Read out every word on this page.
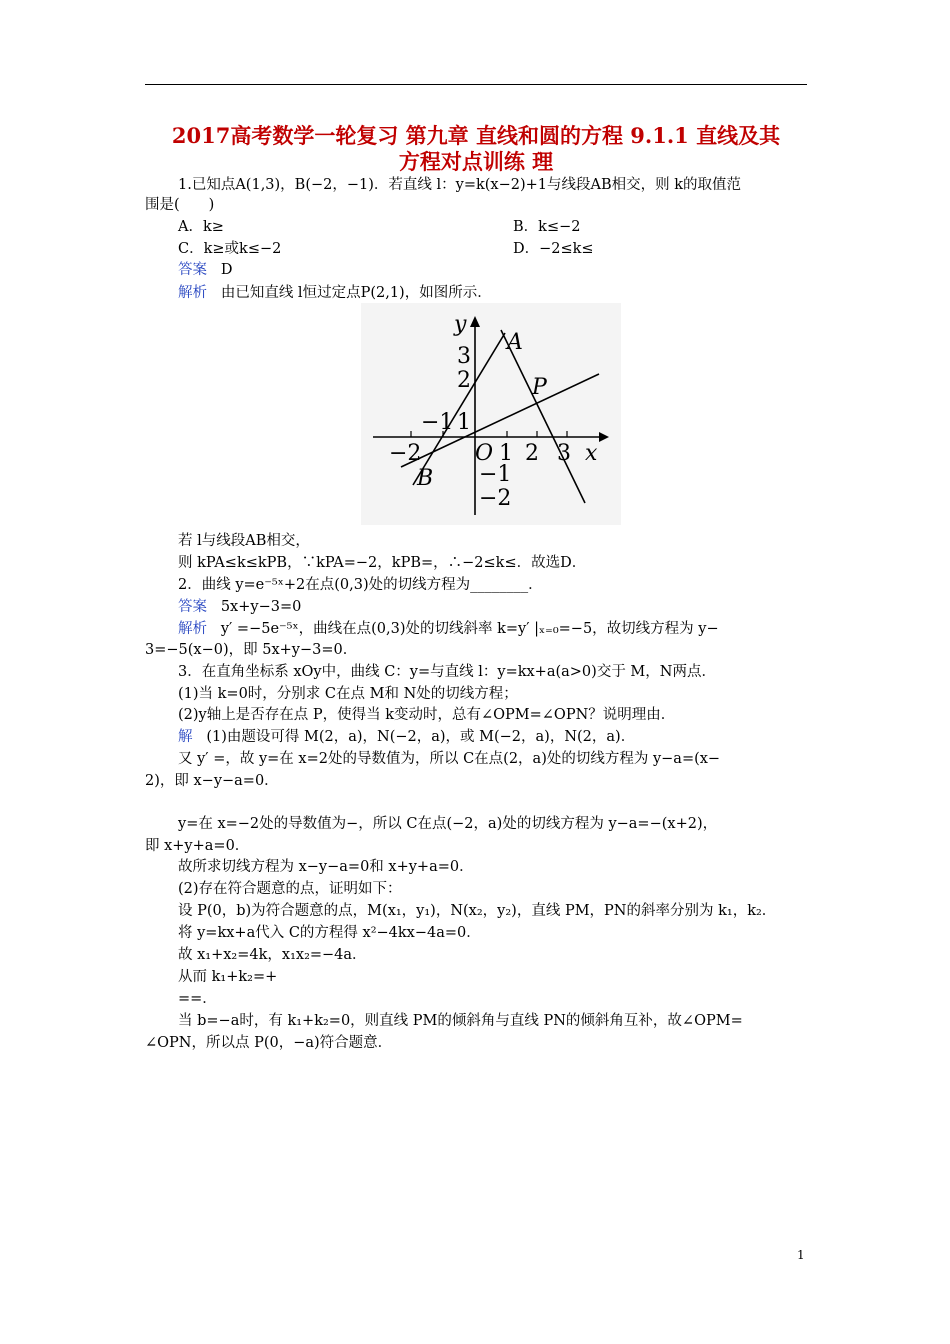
2017高考数学一轮复习 第九章 直线和圆的方程 9.1.1 直线及其
方程对点训练 理
1.已知点A(1,3)，B(−2，−1)．若直线 l：y=k(x−2)+1与线段AB相交，则 k的取值范
围是(　　)
A．k≥	B．k≤−2
C．k≥或k≤−2	D．−2≤k≤
答案 D
解析 由已知直线 l恒过定点P(2,1)，如图所示．
y
x
A
P
B
O
3
2
1
−1
−2
−1
−2	1 2 3
若 l与线段AB相交，
则 kPA≤k≤kPB，∵kPA=−2，kPB=，∴−2≤k≤．故选D．
2．曲线 y=e⁻⁵ˣ+2在点(0,3)处的切线方程为________．
答案 5x+y−3=0
解析 y′ =−5e⁻⁵ˣ，曲线在点(0,3)处的切线斜率 k=y′ |ₓ₌₀=−5，故切线方程为 y−
3=−5(x−0)，即 5x+y−3=0．
3．在直角坐标系 xOy中，曲线 C：y=与直线 l：y=kx+a(a>0)交于 M，N两点．
(1)当 k=0时，分别求 C在点 M和 N处的切线方程；
(2)y轴上是否存在点 P，使得当 k变动时，总有∠OPM=∠OPN？说明理由．
解 (1)由题设可得 M(2，a)，N(−2，a)，或 M(−2，a)，N(2，a)．
又 y′ =，故 y=在 x=2处的导数值为，所以 C在点(2，a)处的切线方程为 y−a=(x−
2)，即 x−y−a=0．
y=在 x=−2处的导数值为−，所以 C在点(−2，a)处的切线方程为 y−a=−(x+2)，
即 x+y+a=0．
故所求切线方程为 x−y−a=0和 x+y+a=0．
(2)存在符合题意的点，证明如下：
设 P(0，b)为符合题意的点，M(x₁，y₁)，N(x₂，y₂)，直线 PM，PN的斜率分别为 k₁，k₂．
将 y=kx+a代入 C的方程得 x²−4kx−4a=0．
故 x₁+x₂=4k，x₁x₂=−4a．
从而 k₁+k₂=+
==．
当 b=−a时，有 k₁+k₂=0，则直线 PM的倾斜角与直线 PN的倾斜角互补，故∠OPM=
∠OPN，所以点 P(0，−a)符合题意．
1
